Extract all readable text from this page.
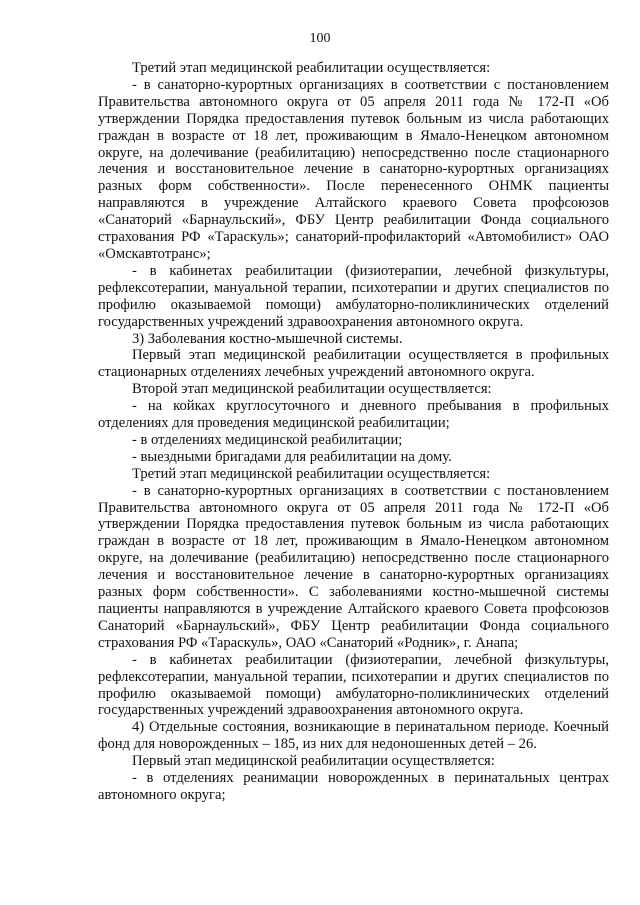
100

Третий этап медицинской реабилитации осуществляется:

- в санаторно-курортных организациях в соответствии с постановлением Правительства автономного округа от 05 апреля 2011 года № 172-П «Об утверждении Порядка предоставления путевок больным из числа работающих граждан в возрасте от 18 лет, проживающим в Ямало-Ненецком автономном округе, на долечивание (реабилитацию) непосредственно после стационарного лечения и восстановительное лечение в санаторно-курортных организациях разных форм собственности». После перенесенного ОНМК пациенты направляются в учреждение Алтайского краевого Совета профсоюзов «Санаторий «Барнаульский», ФБУ Центр реабилитации Фонда социального страхования РФ «Тараскуль»; санаторий-профилакторий «Автомобилист» ОАО «Омскавтотранс»;

- в кабинетах реабилитации (физиотерапии, лечебной физкультуры, рефлексотерапии, мануальной терапии, психотерапии и других специалистов по профилю оказываемой помощи) амбулаторно-поликлинических отделений государственных учреждений здравоохранения автономного округа.

3) Заболевания костно-мышечной системы.

Первый этап медицинской реабилитации осуществляется в профильных стационарных отделениях лечебных учреждений автономного округа.

Второй этап медицинской реабилитации осуществляется:

- на койках круглосуточного и дневного пребывания в профильных отделениях для проведения медицинской реабилитации;

- в отделениях медицинской реабилитации;

- выездными бригадами для реабилитации на дому.

Третий этап медицинской реабилитации осуществляется:

- в санаторно-курортных организациях в соответствии с постановлением Правительства автономного округа от 05 апреля 2011 года № 172-П «Об утверждении Порядка предоставления путевок больным из числа работающих граждан в возрасте от 18 лет, проживающим в Ямало-Ненецком автономном округе, на долечивание (реабилитацию) непосредственно после стационарного лечения и восстановительное лечение в санаторно-курортных организациях разных форм собственности». С заболеваниями костно-мышечной системы пациенты направляются в учреждение Алтайского краевого Совета профсоюзов Санаторий «Барнаульский», ФБУ Центр реабилитации Фонда социального страхования РФ «Тараскуль», ОАО «Санаторий «Родник», г. Анапа;

- в кабинетах реабилитации (физиотерапии, лечебной физкультуры, рефлексотерапии, мануальной терапии, психотерапии и других специалистов по профилю оказываемой помощи) амбулаторно-поликлинических отделений государственных учреждений здравоохранения автономного округа.

4) Отдельные состояния, возникающие в перинатальном периоде. Коечный фонд для новорожденных – 185, из них для недоношенных детей – 26.

Первый этап медицинской реабилитации осуществляется:

- в отделениях реанимации новорожденных в перинатальных центрах автономного округа;
